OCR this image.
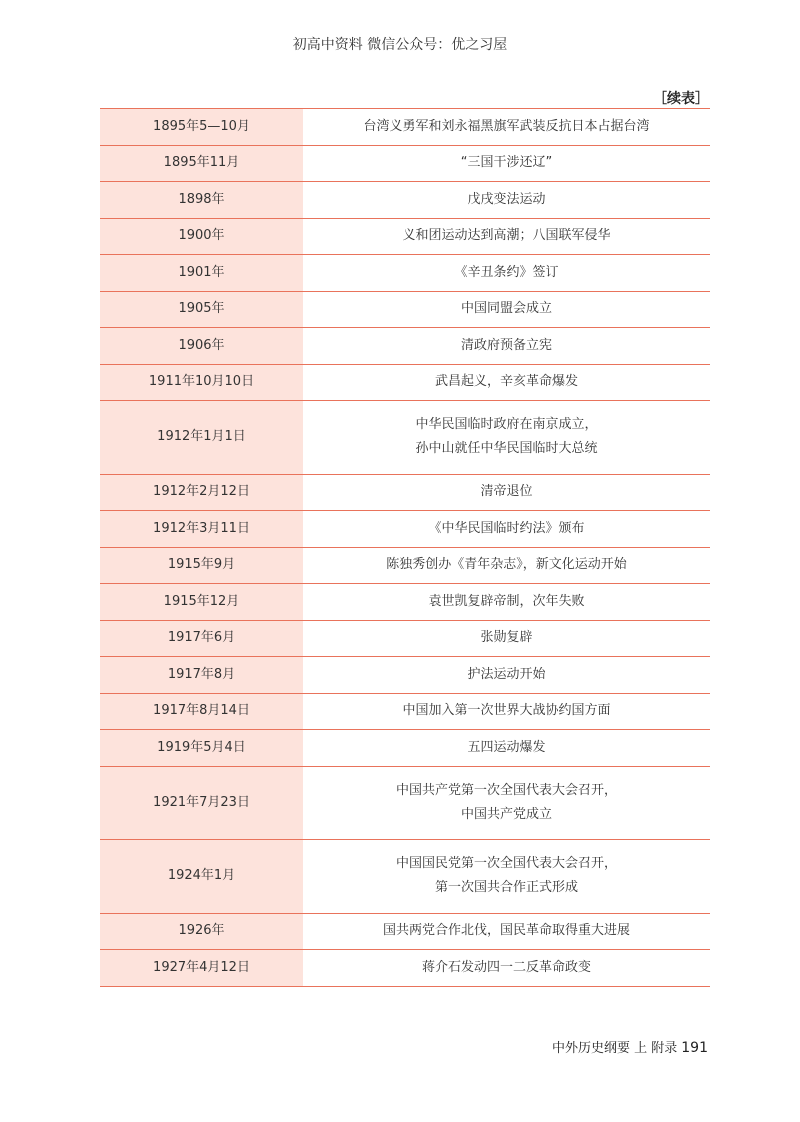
初高中资料 微信公众号：优之习屋
［续表］
1895年5—10月	台湾义勇军和刘永福黑旗军武装反抗日本占据台湾

1895年11月	“三国干涉还辽”

1898年	戊戌变法运动

1900年	义和团运动达到高潮；八国联军侵华

1901年	《辛丑条约》签订

1905年	中国同盟会成立

1906年	清政府预备立宪

1911年10月10日	武昌起义，辛亥革命爆发

1912年1月1日	中华民国临时政府在南京成立，
孙中山就任中华民国临时大总统

1912年2月12日	清帝退位

1912年3月11日	《中华民国临时约法》颁布

1915年9月	陈独秀创办《青年杂志》，新文化运动开始

1915年12月	袁世凯复辟帝制，次年失败

1917年6月	张勋复辟

1917年8月	护法运动开始

1917年8月14日	中国加入第一次世界大战协约国方面

1919年5月4日	五四运动爆发

1921年7月23日	中国共产党第一次全国代表大会召开，
中国共产党成立

1924年1月	中国国民党第一次全国代表大会召开，
第一次国共合作正式形成

1926年	国共两党合作北伐，国民革命取得重大进展

1927年4月12日	蒋介石发动四一二反革命政变
中外历史纲要 上 附录 191
